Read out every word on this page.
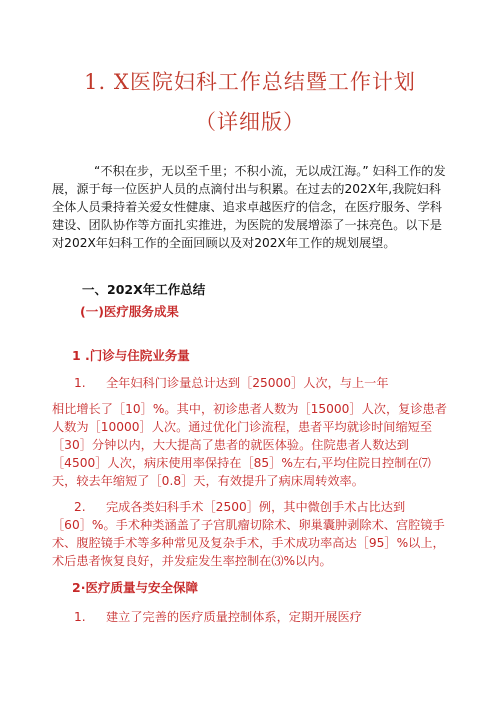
1. X医院妇科工作总结暨工作计划
（详细版）

“不积在步，无以至千里；不积小流，无以成江海。” 妇科工作的发展，源于每一位医护人员的点滴付出与积累。在过去的202X年,我院妇科全体人员秉持着关爱女性健康、追求卓越医疗的信念，在医疗服务、学科建设、团队协作等方面扎实推进，为医院的发展增添了一抹亮色。以下是对202X年妇科工作的全面回顾以及对202X年工作的规划展望。

一、202X年工作总结

(一)医疗服务成果

1 .门诊与住院业务量

1. 全年妇科门诊量总计达到［25000］人次，与上一年

相比增长了［10］%。其中，初诊患者人数为［15000］人次，复诊患者人数为［10000］人次。通过优化门诊流程，患者平均就诊时间缩短至［30］分钟以内，大大提高了患者的就医体验。住院患者人数达到［4500］人次，病床使用率保持在［85］%左右,平均住院日控制在⑺天，较去年缩短了［0.8］天，有效提升了病床周转效率。

2. 完成各类妇科手术［2500］例，其中微创手术占比达到

［60］%。手术种类涵盖了子宫肌瘤切除术、卵巢囊肿剥除术、宫腔镜手术、腹腔镜手术等多种常见及复杂手术，手术成功率高达［95］%以上，术后患者恢复良好，并发症发生率控制在⑶%以内。

2·医疗质量与安全保障

1. 建立了完善的医疗质量控制体系，定期开展医疗
